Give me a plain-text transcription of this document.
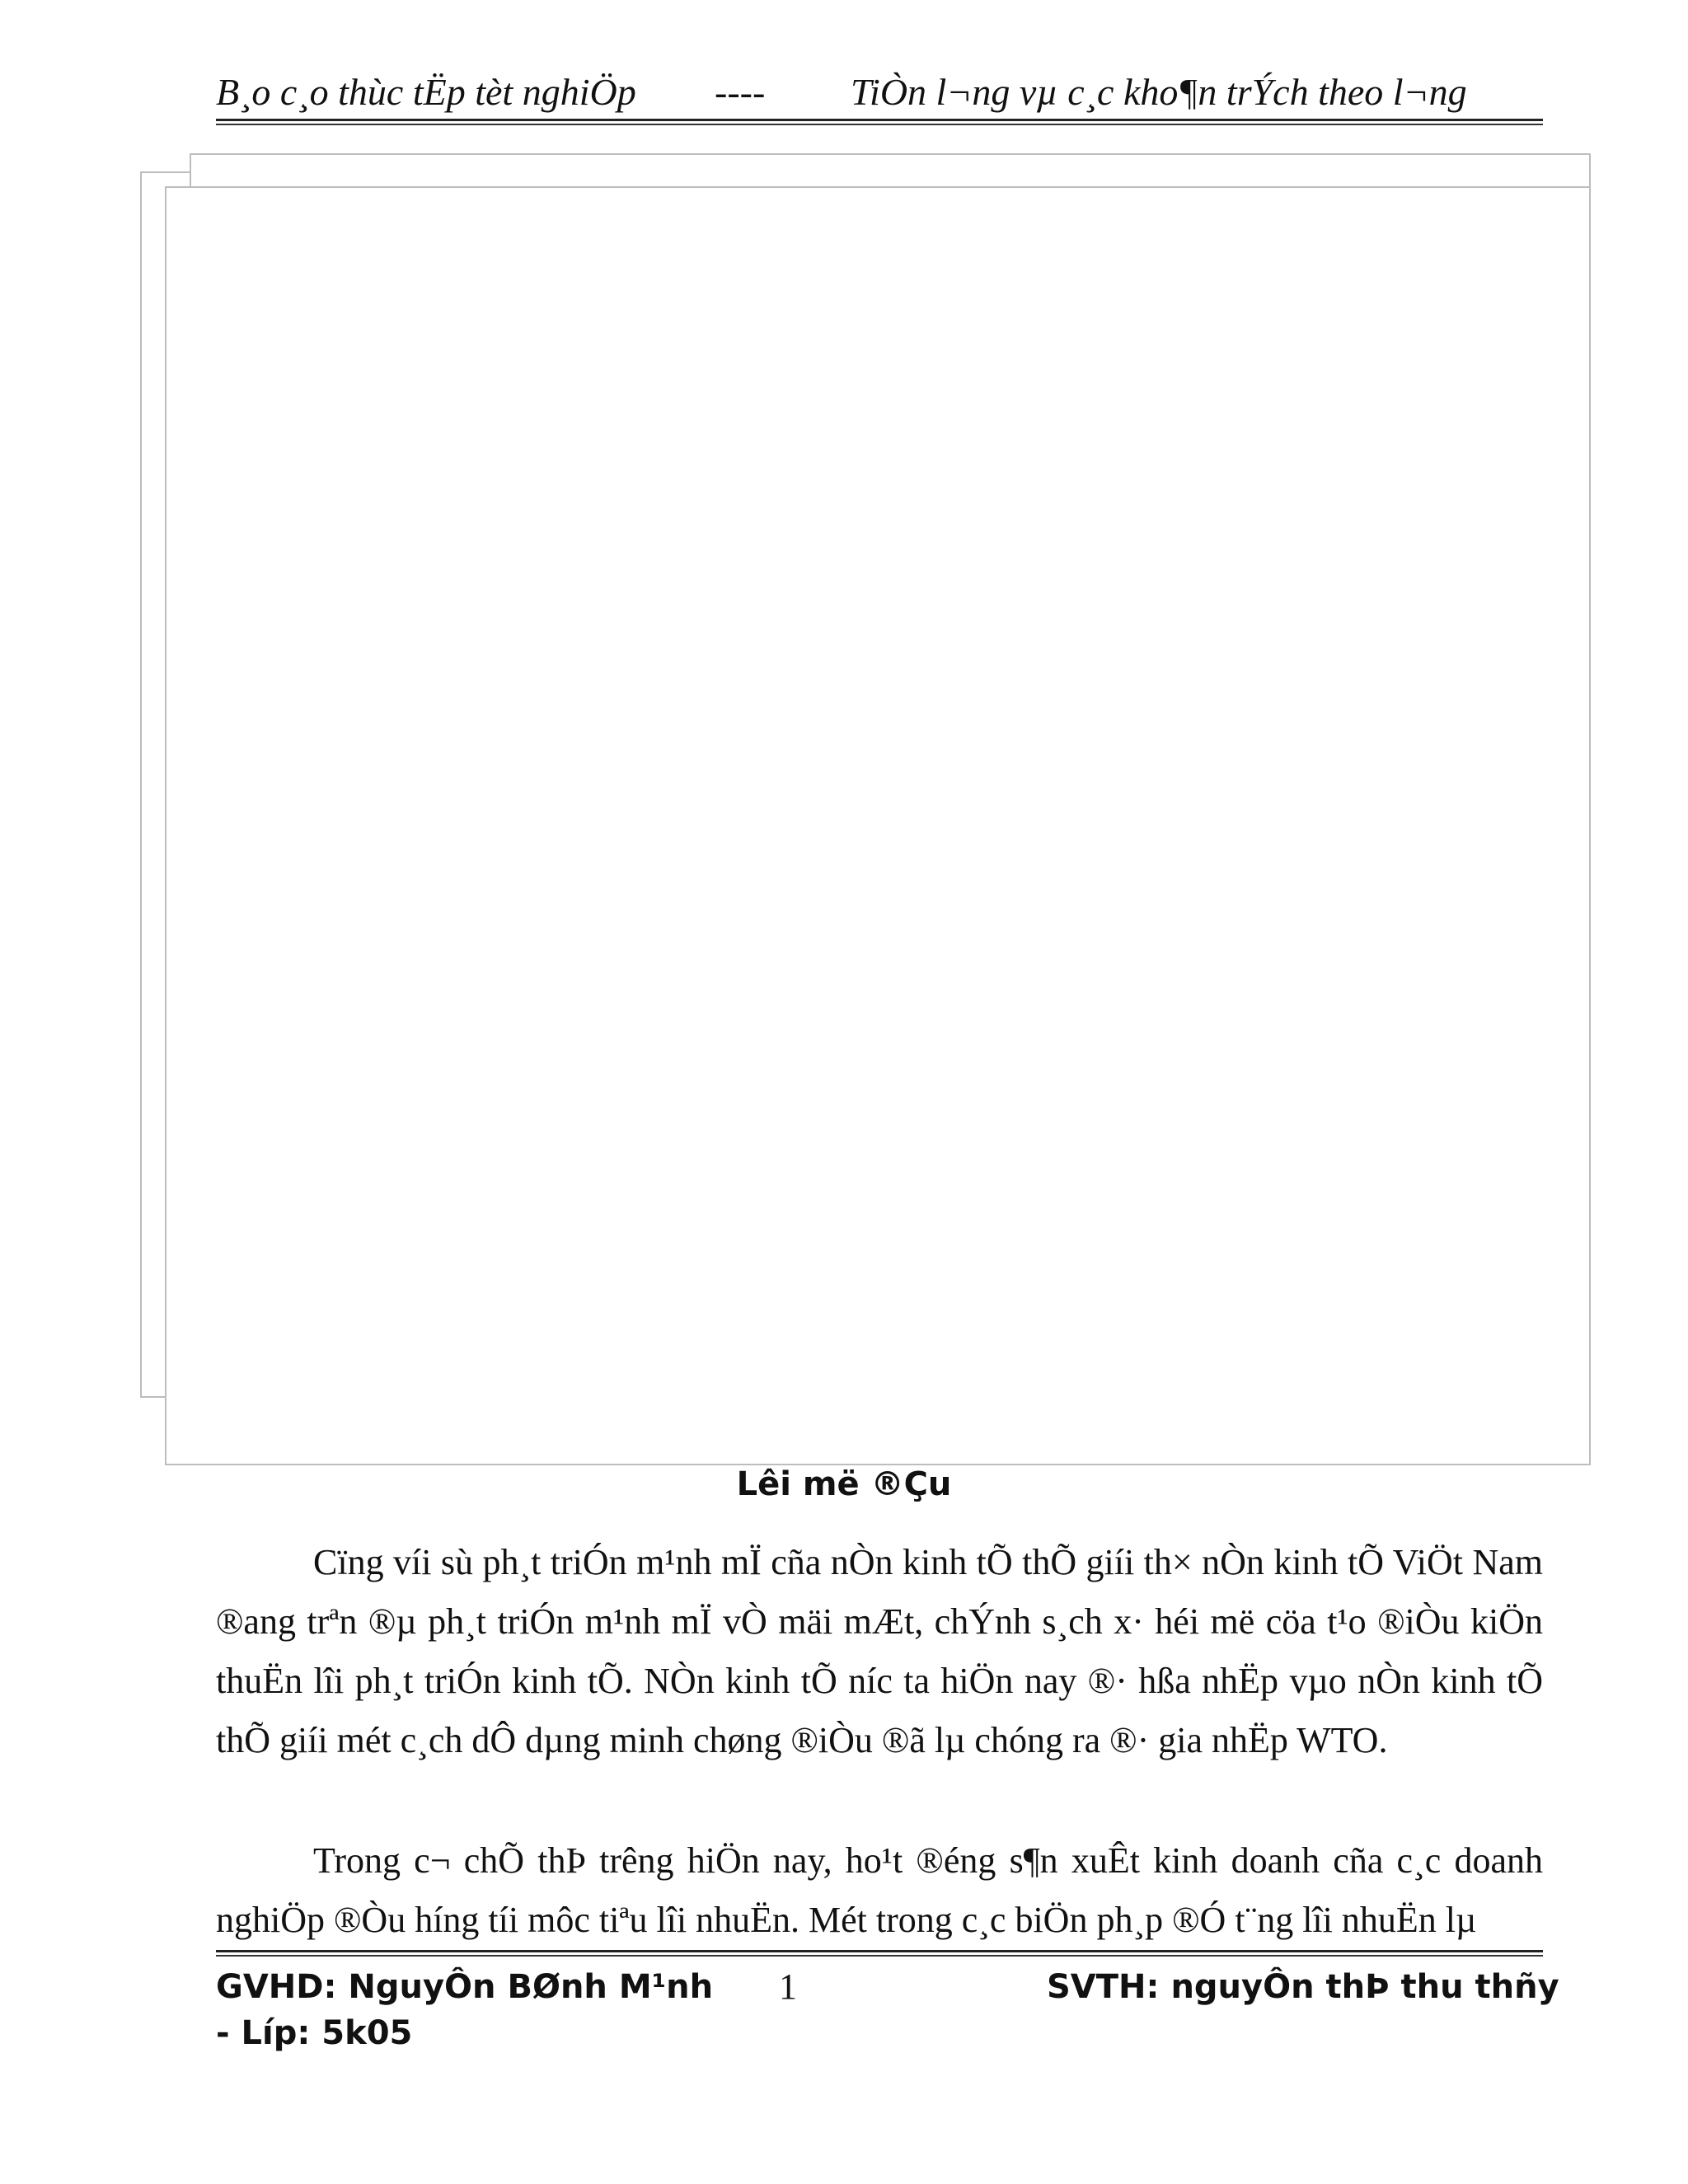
B¸o c¸o thùc tËp tèt nghiÖp ---- TiÒn l¬ng vµ c¸c kho¶n trÝch theo l¬ng
Lêi më ®Çu

Cïng víi sù ph¸t triÓn m¹nh mÏ cña nÒn kinh tÕ thÕ giíi th× nÒn kinh tÕ ViÖt Nam ®ang trªn ®µ ph¸t triÓn m¹nh mÏ vÒ mäi mÆt, chÝnh s¸ch x· héi më cöa t¹o ®iÒu kiÖn thuËn lîi ph¸t triÓn kinh tÕ. NÒn kinh tÕ níc ta hiÖn nay ®· hßa nhËp vµo nÒn kinh tÕ thÕ giíi mét c¸ch dÔ dµng minh chøng ®iÒu ®ã lµ chóng ra ®· gia nhËp WTO.

Trong c¬ chÕ thÞ trêng hiÖn nay, ho¹t ®éng s¶n xuÊt kinh doanh cña c¸c doanh nghiÖp ®Òu híng tíi môc tiªu lîi nhuËn. Mét trong c¸c biÖn ph¸p ®Ó t¨ng lîi nhuËn lµ

GVHD: NguyÔn BØnh M¹nh
- Líp: 5k05
1	SVTH: nguyÔn thÞ thu thñy
